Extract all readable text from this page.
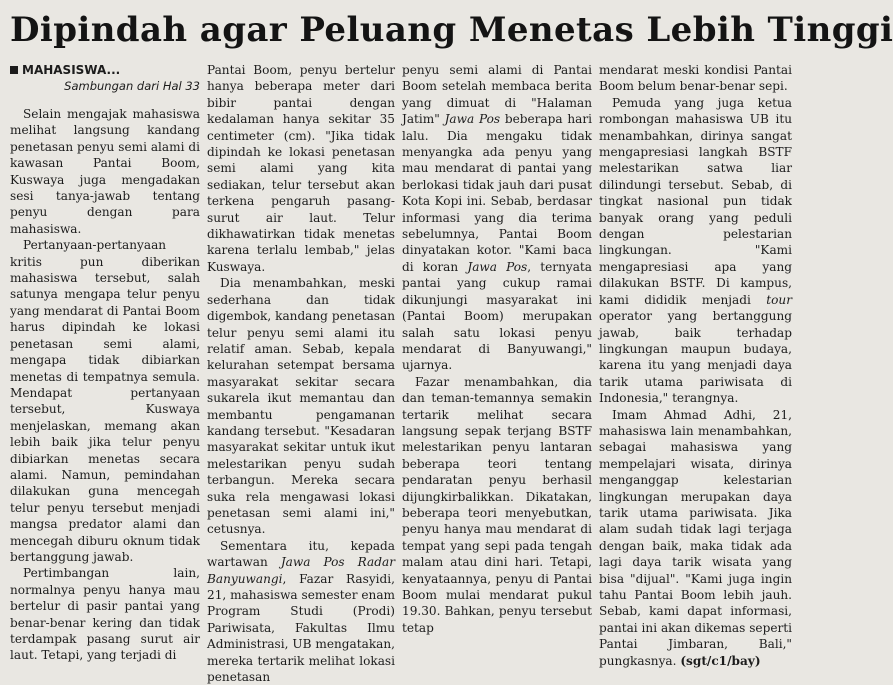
Dipindah agar Peluang Menetas Lebih Tinggi
MAHASISWA...
Sambungan dari Hal 33

Selain mengajak mahasiswa melihat langsung kandang penetasan penyu semi alami di kawasan Pantai Boom, Kuswaya juga mengadakan sesi tanya-jawab tentang penyu dengan para mahasiswa.

Pertanyaan-pertanyaan kritis pun diberikan mahasiswa tersebut, salah satunya mengapa telur penyu yang mendarat di Pantai Boom harus dipindah ke lokasi penetasan semi alami, mengapa tidak dibiarkan menetas di tempatnya semula. Mendapat pertanyaan tersebut, Kuswaya menjelaskan, memang akan lebih baik jika telur penyu dibiarkan menetas secara alami. Namun, pemindahan dilakukan guna mencegah telur penyu tersebut menjadi mangsa predator alami dan mencegah diburu oknum tidak bertanggung jawab.

Pertimbangan lain, normalnya penyu hanya mau bertelur di pasir pantai yang benar-benar kering dan tidak terdampak pasang surut air laut. Tetapi, yang terjadi di

Pantai Boom, penyu bertelur hanya beberapa meter dari bibir pantai dengan kedalaman hanya sekitar 35 centimeter (cm). "Jika tidak dipindah ke lokasi penetasan semi alami yang kita sediakan, telur tersebut akan terkena pengaruh pasang-surut air laut. Telur dikhawatirkan tidak menetas karena terlalu lembab," jelas Kuswaya.

Dia menambahkan, meski sederhana dan tidak digembok, kandang penetasan telur penyu semi alami itu relatif aman. Sebab, kepala kelurahan setempat bersama masyarakat sekitar secara sukarela ikut memantau dan membantu pengamanan kandang tersebut. "Kesadaran masyarakat sekitar untuk ikut melestarikan penyu sudah terbangun. Mereka secara suka rela mengawasi lokasi penetasan semi alami ini," cetusnya.

Sementara itu, kepada wartawan Jawa Pos Radar Banyuwangi, Fazar Rasyidi, 21, mahasiswa semester enam Program Studi (Prodi) Pariwisata, Fakultas Ilmu Administrasi, UB mengatakan, mereka tertarik melihat lokasi penetasan

penyu semi alami di Pantai Boom setelah membaca berita yang dimuat di "Halaman Jatim" Jawa Pos beberapa hari lalu. Dia mengaku tidak menyangka ada penyu yang mau mendarat di pantai yang berlokasi tidak jauh dari pusat Kota Kopi ini. Sebab, berdasar informasi yang dia terima sebelumnya, Pantai Boom dinyatakan kotor. "Kami baca di koran Jawa Pos, ternyata pantai yang cukup ramai dikunjungi masyarakat ini (Pantai Boom) merupakan salah satu lokasi penyu mendarat di Banyuwangi," ujarnya.

Fazar menambahkan, dia dan teman-temannya semakin tertarik melihat secara langsung sepak terjang BSTF melestarikan penyu lantaran beberapa teori tentang pendaratan penyu berhasil dijungkirbalikkan. Dikatakan, beberapa teori menyebutkan, penyu hanya mau mendarat di tempat yang sepi pada tengah malam atau dini hari. Tetapi, kenyataannya, penyu di Pantai Boom mulai mendarat pukul 19.30. Bahkan, penyu tersebut tetap

mendarat meski kondisi Pantai Boom belum benar-benar sepi.

Pemuda yang juga ketua rombongan mahasiswa UB itu menambahkan, dirinya sangat mengapresiasi langkah BSTF melestarikan satwa liar dilindungi tersebut. Sebab, di tingkat nasional pun tidak banyak orang yang peduli dengan pelestarian lingkungan. "Kami mengapresiasi apa yang dilakukan BSTF. Di kampus, kami dididik menjadi tour operator yang bertanggung jawab, baik terhadap lingkungan maupun budaya, karena itu yang menjadi daya tarik utama pariwisata di Indonesia," terangnya.

Imam Ahmad Adhi, 21, mahasiswa lain menambahkan, sebagai mahasiswa yang mempelajari wisata, dirinya menganggap kelestarian lingkungan merupakan daya tarik utama pariwisata. Jika alam sudah tidak lagi terjaga dengan baik, maka tidak ada lagi daya tarik wisata yang bisa "dijual". "Kami juga ingin tahu Pantai Boom lebih jauh. Sebab, kami dapat informasi, pantai ini akan dikemas seperti Pantai Jimbaran, Bali," pungkasnya. (sgt/c1/bay)
